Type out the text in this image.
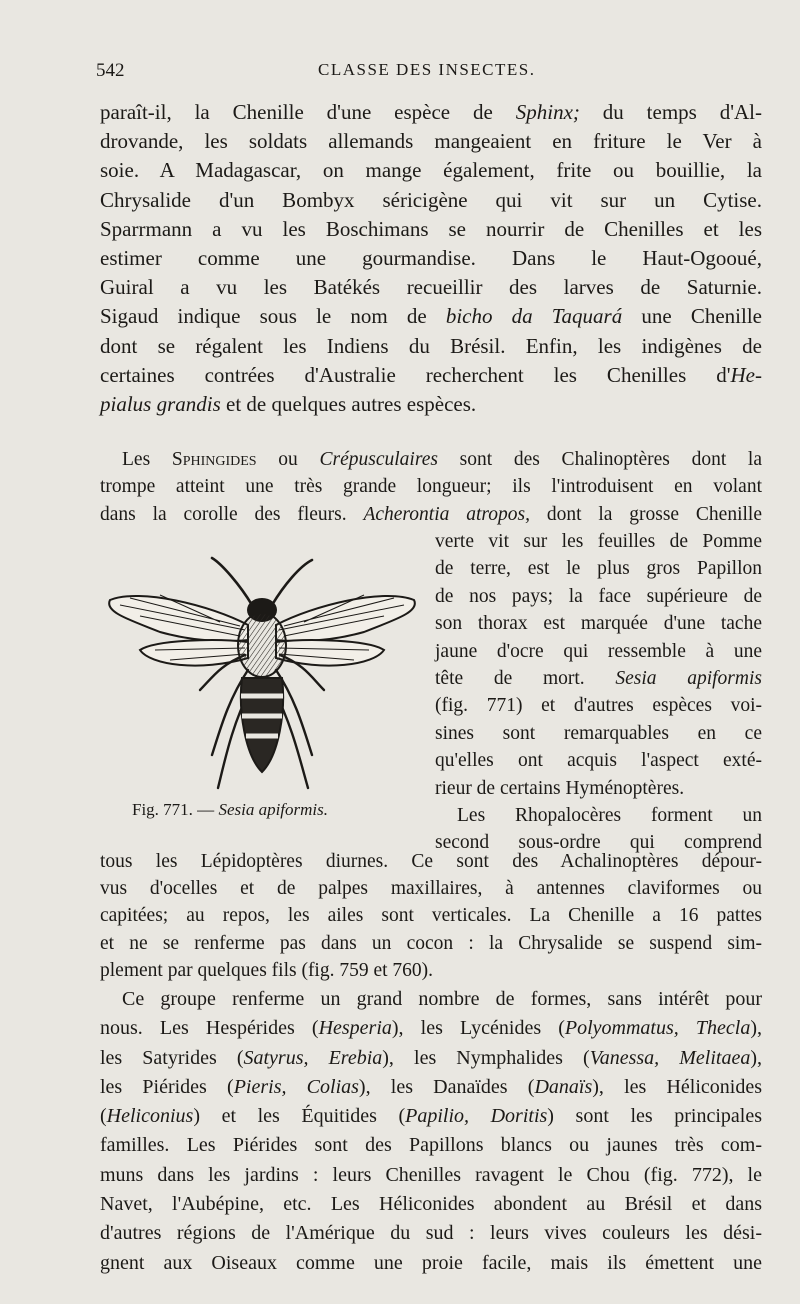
542	CLASSE DES INSECTES.
paraît-il, la Chenille d'une espèce de Sphinx; du temps d'Al-
drovande, les soldats allemands mangeaient en friture le Ver à
soie. A Madagascar, on mange également, frite ou bouillie, la
Chrysalide d'un Bombyx séricigène qui vit sur un Cytise.
Sparrmann a vu les Boschimans se nourrir de Chenilles et les
estimer comme une gourmandise. Dans le Haut-Ogooué,
Guiral a vu les Batékés recueillir des larves de Saturnie.
Sigaud indique sous le nom de bicho da Taquará une Chenille
dont se régalent les Indiens du Brésil. Enfin, les indigènes de
certaines contrées d'Australie recherchent les Chenilles d'He-
pialus grandis et de quelques autres espèces.
Les Sphingides ou Crépusculaires sont des Chalinoptères dont la
trompe atteint une très grande longueur; ils l'introduisent en volant
dans la corolle des fleurs. Acherontia atropos, dont la grosse Chenille
verte vit sur les feuilles de Pomme
de terre, est le plus gros Papillon
de nos pays; la face supérieure de
son thorax est marquée d'une tache
jaune d'ocre qui ressemble à une
tête de mort. Sesia apiformis
(fig. 771) et d'autres espèces voi-
sines sont remarquables en ce
qu'elles ont acquis l'aspect exté-
rieur de certains Hyménoptères.
Les Rhopalocères forment un
second sous-ordre qui comprend
Fig. 771. — Sesia apiformis.
tous les Lépidoptères diurnes. Ce sont des Achalinoptères dépour-
vus d'ocelles et de palpes maxillaires, à antennes claviformes ou
capitées; au repos, les ailes sont verticales. La Chenille a 16 pattes
et ne se renferme pas dans un cocon : la Chrysalide se suspend sim-
plement par quelques fils (fig. 759 et 760).
Ce groupe renferme un grand nombre de formes, sans intérêt pour
nous. Les Hespérides (Hesperia), les Lycénides (Polyommatus, Thecla),
les Satyrides (Satyrus, Erebia), les Nymphalides (Vanessa, Melitaea),
les Piérides (Pieris, Colias), les Danaïdes (Danaïs), les Héliconides
(Heliconius) et les Équitides (Papilio, Doritis) sont les principales
familles. Les Piérides sont des Papillons blancs ou jaunes très com-
muns dans les jardins : leurs Chenilles ravagent le Chou (fig. 772), le
Navet, l'Aubépine, etc. Les Héliconides abondent au Brésil et dans
d'autres régions de l'Amérique du sud : leurs vives couleurs les dési-
gnent aux Oiseaux comme une proie facile, mais ils émettent une
